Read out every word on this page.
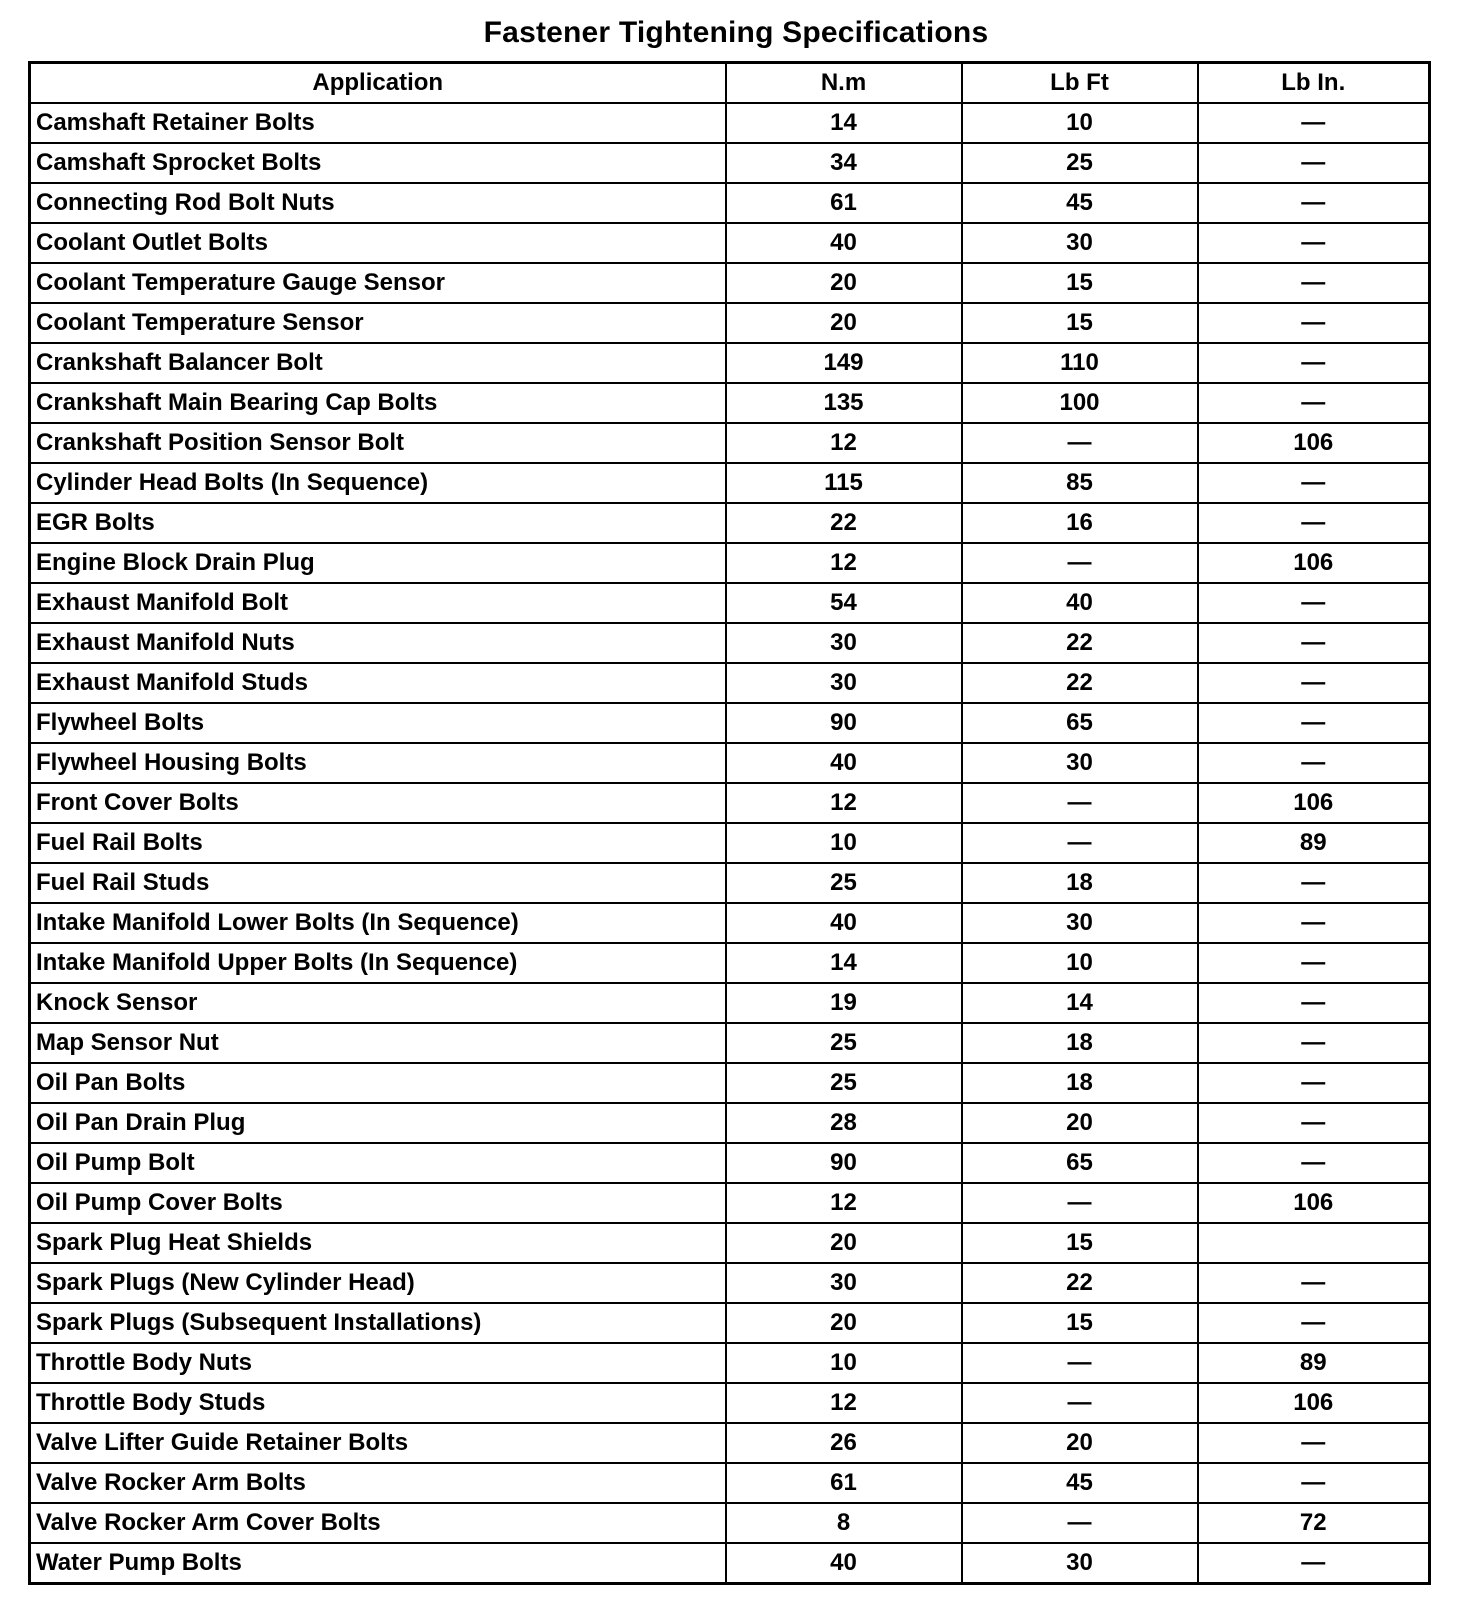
Fastener Tightening Specifications
Application	N.m	Lb Ft	Lb In.
Camshaft Retainer Bolts	14	10	—
Camshaft Sprocket Bolts	34	25	—
Connecting Rod Bolt Nuts	61	45	—
Coolant Outlet Bolts	40	30	—
Coolant Temperature Gauge Sensor	20	15	—
Coolant Temperature Sensor	20	15	—
Crankshaft Balancer Bolt	149	110	—
Crankshaft Main Bearing Cap Bolts	135	100	—
Crankshaft Position Sensor Bolt	12	—	106
Cylinder Head Bolts (In Sequence)	115	85	—
EGR Bolts	22	16	—
Engine Block Drain Plug	12	—	106
Exhaust Manifold Bolt	54	40	—
Exhaust Manifold Nuts	30	22	—
Exhaust Manifold Studs	30	22	—
Flywheel Bolts	90	65	—
Flywheel Housing Bolts	40	30	—
Front Cover Bolts	12	—	106
Fuel Rail Bolts	10	—	89
Fuel Rail Studs	25	18	—
Intake Manifold Lower Bolts (In Sequence)	40	30	—
Intake Manifold Upper Bolts (In Sequence)	14	10	—
Knock Sensor	19	14	—
Map Sensor Nut	25	18	—
Oil Pan Bolts	25	18	—
Oil Pan Drain Plug	28	20	—
Oil Pump Bolt	90	65	—
Oil Pump Cover Bolts	12	—	106
Spark Plug Heat Shields	20	15	
Spark Plugs (New Cylinder Head)	30	22	—
Spark Plugs (Subsequent Installations)	20	15	—
Throttle Body Nuts	10	—	89
Throttle Body Studs	12	—	106
Valve Lifter Guide Retainer Bolts	26	20	—
Valve Rocker Arm Bolts	61	45	—
Valve Rocker Arm Cover Bolts	8	—	72
Water Pump Bolts	40	30	—
